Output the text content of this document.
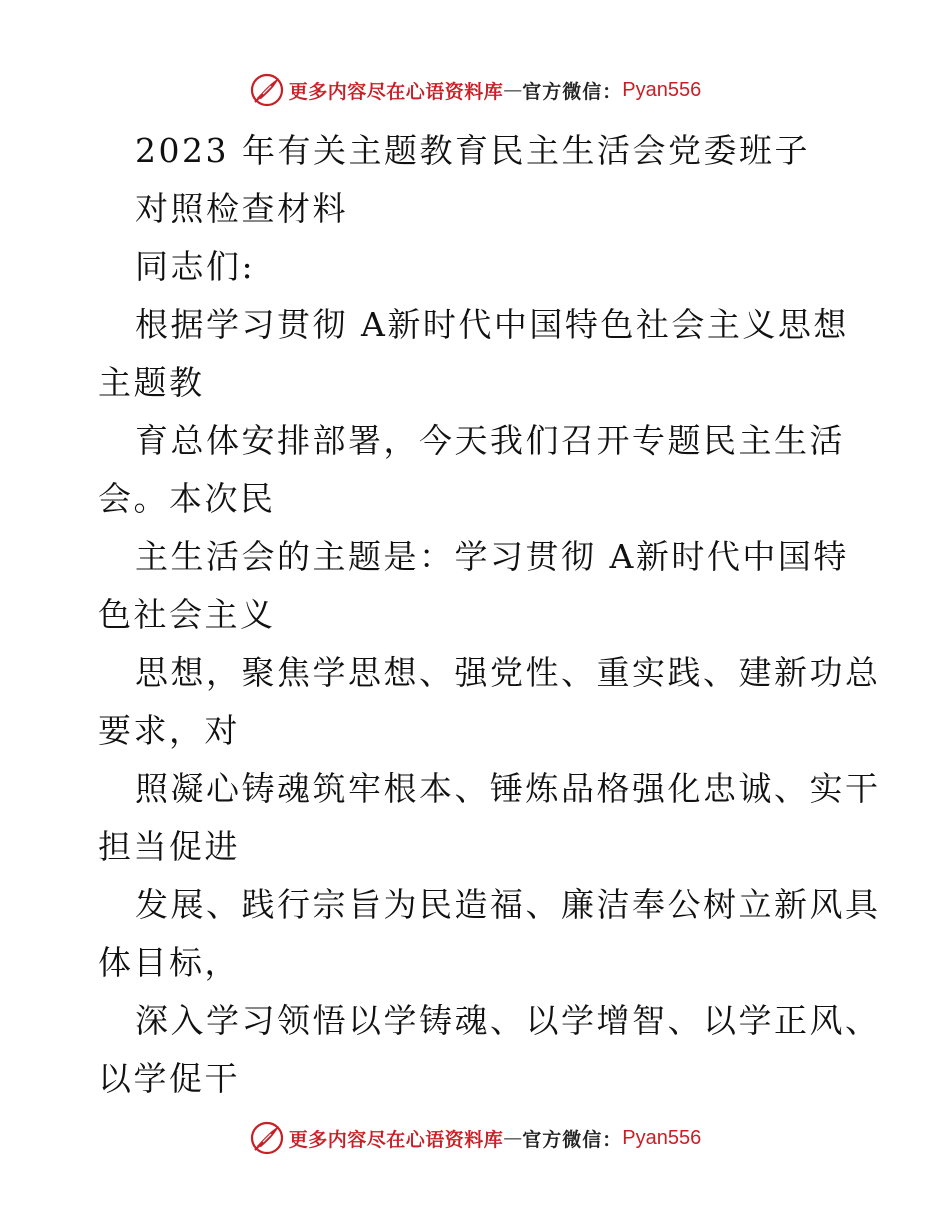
更多内容尽在心语资料库 — 官方微信： Pyan556
2023 年有关主题教育民主生活会党委班子
对照检查材料
同志们:
根据学习贯彻 A新时代中国特色社会主义思想
主题教
育总体安排部署，今天我们召开专题民主生活
会。本次民
主生活会的主题是：学习贯彻 A新时代中国特
色社会主义
思想，聚焦学思想、强党性、重实践、建新功总
要求，对
照凝心铸魂筑牢根本、锤炼品格强化忠诚、实干
担当促进
发展、践行宗旨为民造福、廉洁奉公树立新风具
体目标，
深入学习领悟以学铸魂、以学增智、以学正风、
以学促干
更多内容尽在心语资料库 — 官方微信： Pyan556
